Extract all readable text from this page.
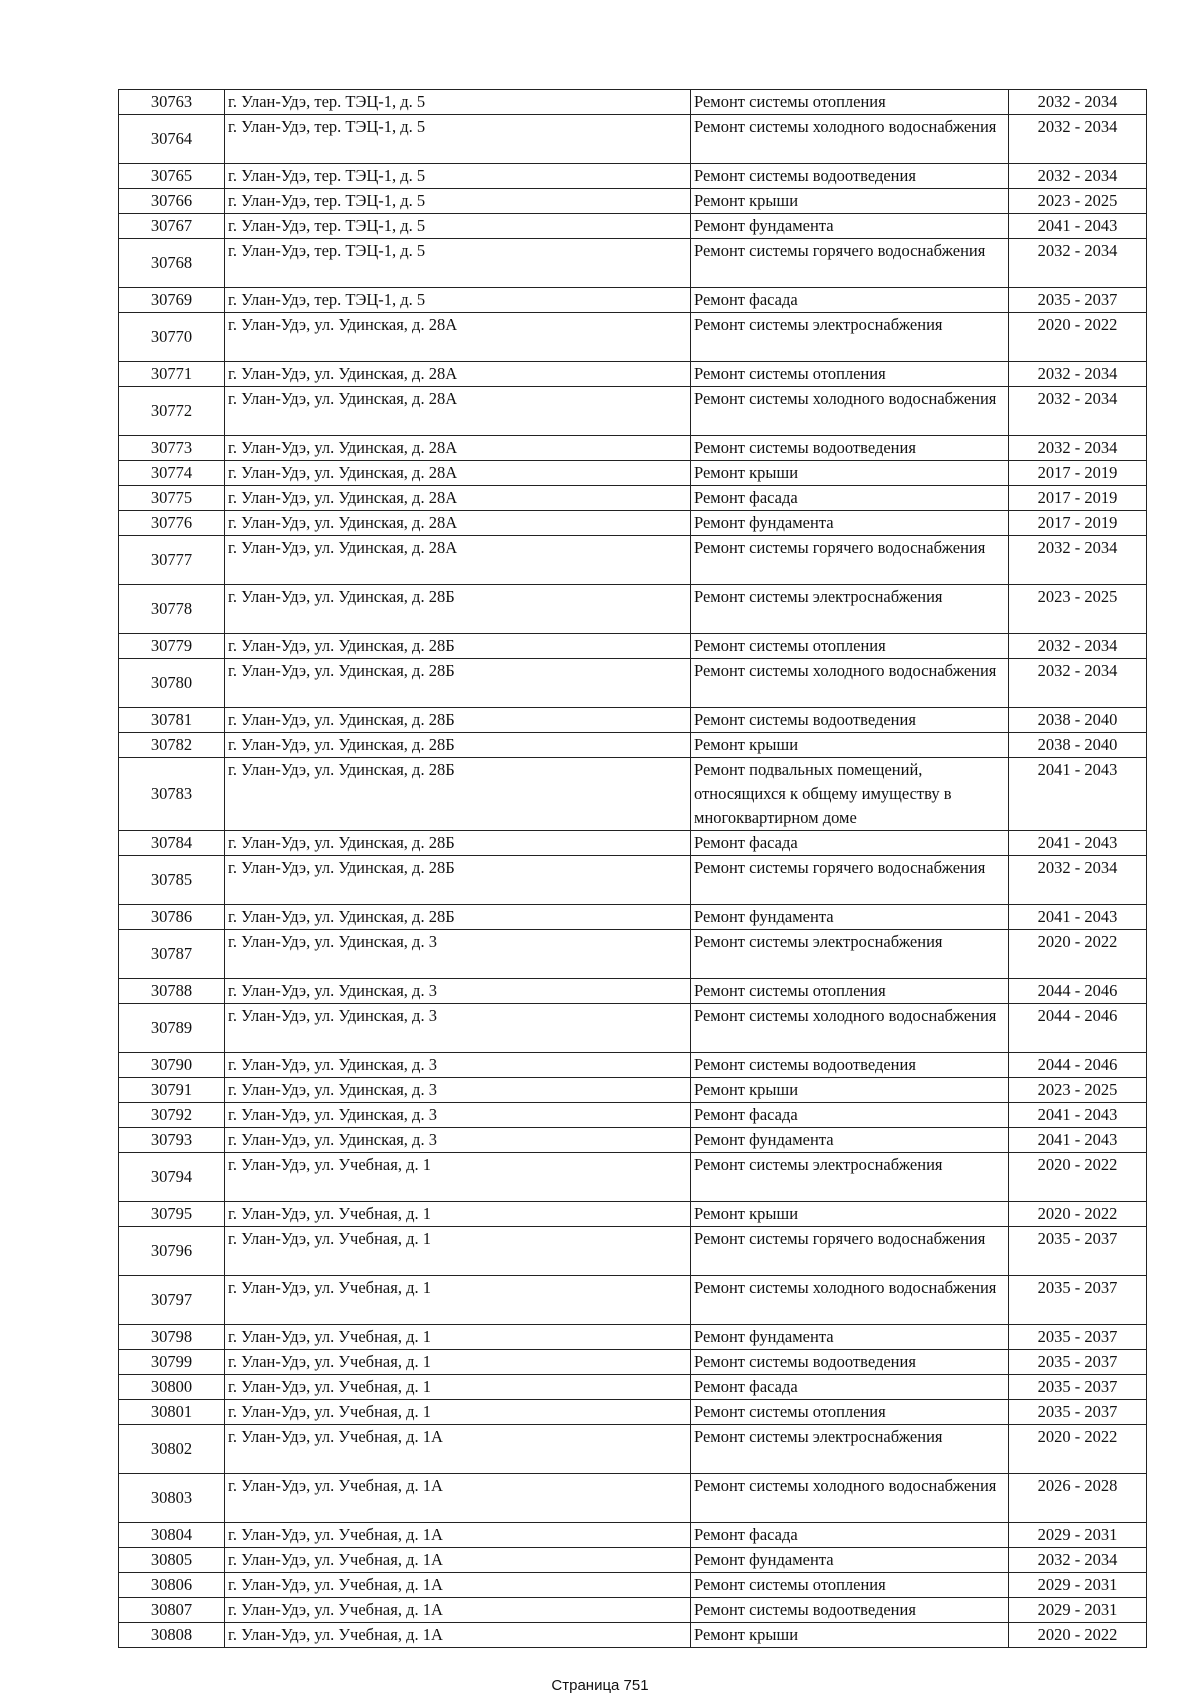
30763	г. Улан-Удэ, тер. ТЭЦ-1, д. 5	Ремонт системы отопления	2032 - 2034
30764	г. Улан-Удэ, тер. ТЭЦ-1, д. 5	Ремонт системы холодного водоснабжения	2032 - 2034
30765	г. Улан-Удэ, тер. ТЭЦ-1, д. 5	Ремонт системы водоотведения	2032 - 2034
30766	г. Улан-Удэ, тер. ТЭЦ-1, д. 5	Ремонт крыши	2023 - 2025
30767	г. Улан-Удэ, тер. ТЭЦ-1, д. 5	Ремонт фундамента	2041 - 2043
30768	г. Улан-Удэ, тер. ТЭЦ-1, д. 5	Ремонт системы горячего водоснабжения	2032 - 2034
30769	г. Улан-Удэ, тер. ТЭЦ-1, д. 5	Ремонт фасада	2035 - 2037
30770	г. Улан-Удэ, ул. Удинская, д. 28А	Ремонт системы электроснабжения	2020 - 2022
30771	г. Улан-Удэ, ул. Удинская, д. 28А	Ремонт системы отопления	2032 - 2034
30772	г. Улан-Удэ, ул. Удинская, д. 28А	Ремонт системы холодного водоснабжения	2032 - 2034
30773	г. Улан-Удэ, ул. Удинская, д. 28А	Ремонт системы водоотведения	2032 - 2034
30774	г. Улан-Удэ, ул. Удинская, д. 28А	Ремонт крыши	2017 - 2019
30775	г. Улан-Удэ, ул. Удинская, д. 28А	Ремонт фасада	2017 - 2019
30776	г. Улан-Удэ, ул. Удинская, д. 28А	Ремонт фундамента	2017 - 2019
30777	г. Улан-Удэ, ул. Удинская, д. 28А	Ремонт системы горячего водоснабжения	2032 - 2034
30778	г. Улан-Удэ, ул. Удинская, д. 28Б	Ремонт системы электроснабжения	2023 - 2025
30779	г. Улан-Удэ, ул. Удинская, д. 28Б	Ремонт системы отопления	2032 - 2034
30780	г. Улан-Удэ, ул. Удинская, д. 28Б	Ремонт системы холодного водоснабжения	2032 - 2034
30781	г. Улан-Удэ, ул. Удинская, д. 28Б	Ремонт системы водоотведения	2038 - 2040
30782	г. Улан-Удэ, ул. Удинская, д. 28Б	Ремонт крыши	2038 - 2040
30783	г. Улан-Удэ, ул. Удинская, д. 28Б	Ремонт подвальных помещений, относящихся к общему имуществу в многоквартирном доме	2041 - 2043
30784	г. Улан-Удэ, ул. Удинская, д. 28Б	Ремонт фасада	2041 - 2043
30785	г. Улан-Удэ, ул. Удинская, д. 28Б	Ремонт системы горячего водоснабжения	2032 - 2034
30786	г. Улан-Удэ, ул. Удинская, д. 28Б	Ремонт фундамента	2041 - 2043
30787	г. Улан-Удэ, ул. Удинская, д. 3	Ремонт системы электроснабжения	2020 - 2022
30788	г. Улан-Удэ, ул. Удинская, д. 3	Ремонт системы отопления	2044 - 2046
30789	г. Улан-Удэ, ул. Удинская, д. 3	Ремонт системы холодного водоснабжения	2044 - 2046
30790	г. Улан-Удэ, ул. Удинская, д. 3	Ремонт системы водоотведения	2044 - 2046
30791	г. Улан-Удэ, ул. Удинская, д. 3	Ремонт крыши	2023 - 2025
30792	г. Улан-Удэ, ул. Удинская, д. 3	Ремонт фасада	2041 - 2043
30793	г. Улан-Удэ, ул. Удинская, д. 3	Ремонт фундамента	2041 - 2043
30794	г. Улан-Удэ, ул. Учебная, д. 1	Ремонт системы электроснабжения	2020 - 2022
30795	г. Улан-Удэ, ул. Учебная, д. 1	Ремонт крыши	2020 - 2022
30796	г. Улан-Удэ, ул. Учебная, д. 1	Ремонт системы горячего водоснабжения	2035 - 2037
30797	г. Улан-Удэ, ул. Учебная, д. 1	Ремонт системы холодного водоснабжения	2035 - 2037
30798	г. Улан-Удэ, ул. Учебная, д. 1	Ремонт фундамента	2035 - 2037
30799	г. Улан-Удэ, ул. Учебная, д. 1	Ремонт системы водоотведения	2035 - 2037
30800	г. Улан-Удэ, ул. Учебная, д. 1	Ремонт фасада	2035 - 2037
30801	г. Улан-Удэ, ул. Учебная, д. 1	Ремонт системы отопления	2035 - 2037
30802	г. Улан-Удэ, ул. Учебная, д. 1А	Ремонт системы электроснабжения	2020 - 2022
30803	г. Улан-Удэ, ул. Учебная, д. 1А	Ремонт системы холодного водоснабжения	2026 - 2028
30804	г. Улан-Удэ, ул. Учебная, д. 1А	Ремонт фасада	2029 - 2031
30805	г. Улан-Удэ, ул. Учебная, д. 1А	Ремонт фундамента	2032 - 2034
30806	г. Улан-Удэ, ул. Учебная, д. 1А	Ремонт системы отопления	2029 - 2031
30807	г. Улан-Удэ, ул. Учебная, д. 1А	Ремонт системы водоотведения	2029 - 2031
30808	г. Улан-Удэ, ул. Учебная, д. 1А	Ремонт крыши	2020 - 2022
Страница 751
